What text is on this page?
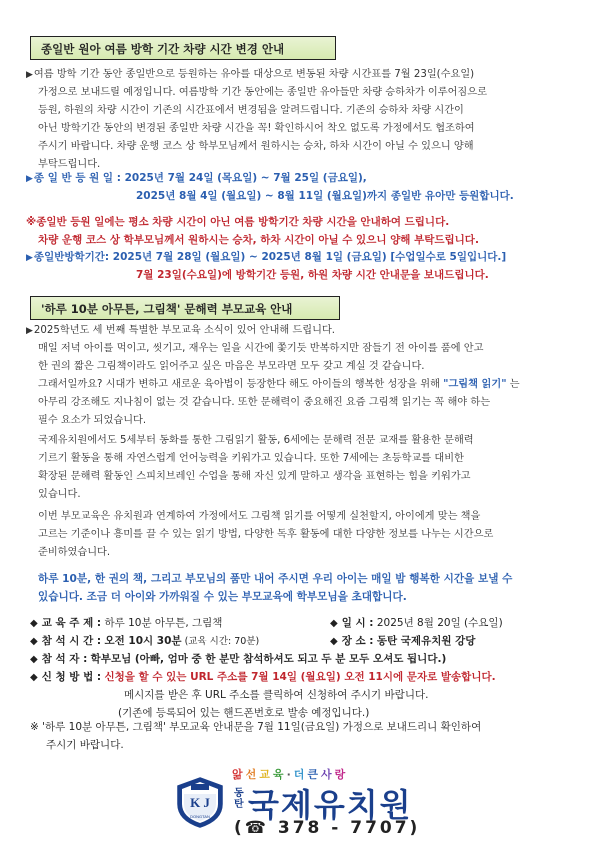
종일반 원아 여름 방학 기간 차량 시간 변경 안내
▶여름 방학 기간 동안 종일반으로 등원하는 유아를 대상으로 변동된 차량 시간표를 7월 23일(수요일)
가정으로 보내드릴 예정입니다. 여름방학 기간 동안에는 종일반 유아들만 차량 승하차가 이루어짐으로
등원, 하원의 차량 시간이 기존의 시간표에서 변경됨을 알려드립니다. 기존의 승하차 차량 시간이
아닌 방학기간 동안의 변경된 종일반 차량 시간을 꼭! 확인하시어 착오 없도록 가정에서도 협조하여
주시기 바랍니다. 차량 운행 코스 상 학부모님께서 원하시는 승차, 하차 시간이 아닐 수 있으니 양해
부탁드립니다.
▶종 일 반 등 원 일 : 2025년 7월 24일 (목요일) ~ 7월 25일 (금요일),
2025년 8월 4일 (월요일) ~ 8월 11일 (월요일)까지 종일반 유아만 등원합니다.
※종일반 등원 일에는 평소 차량 시간이 아닌 여름 방학기간 차량 시간을 안내하여 드립니다.
차량 운행 코스 상 학부모님께서 원하시는 승차, 하차 시간이 아닐 수 있으니 양해 부탁드립니다.
▶종일반방학기간: 2025년 7월 28일 (월요일) ~ 2025년 8월 1일 (금요일) [수업일수로 5일입니다.]
7월 23일(수요일)에 방학기간 등원, 하원 차량 시간 안내문을 보내드립니다.
'하루 10분 아무튼, 그림책' 문해력 부모교육 안내
▶2025학년도 세 번째 특별한 부모교육 소식이 있어 안내해 드립니다.
매일 저녁 아이를 먹이고, 씻기고, 재우는 일을 시간에 쫓기듯 반복하지만 잠들기 전 아이를 품에 안고
한 권의 짧은 그림책이라도 읽어주고 싶은 마음은 부모라면 모두 갖고 계실 것 같습니다.
그래서일까요? 시대가 변하고 새로운 육아법이 등장한다 해도 아이들의 행복한 성장을 위해 "그림책 읽기" 는
아무리 강조해도 지나침이 없는 것 같습니다. 또한 문해력이 중요해진 요즘 그림책 읽기는 꼭 해야 하는
필수 요소가 되었습니다.
국제유치원에서도 5세부터 동화를 통한 그림읽기 활동, 6세에는 문해력 전문 교재를 활용한 문해력
기르기 활동을 통해 자연스럽게 언어능력을 키워가고 있습니다. 또한 7세에는 초등학교를 대비한
확장된 문해력 활동인 스피치브레인 수업을 통해 자신 있게 말하고 생각을 표현하는 힘을 키워가고
있습니다.
이번 부모교육은 유치원과 연계하여 가정에서도 그림책 읽기를 어떻게 실천할지, 아이에게 맞는 책을
고르는 기준이나 흥미를 끌 수 있는 읽기 방법, 다양한 독후 활동에 대한 다양한 정보를 나누는 시간으로
준비하였습니다.
하루 10분, 한 권의 책, 그리고 부모님의 품만 내어 주시면 우리 아이는 매일 밤 행복한 시간을 보낼 수
있습니다. 조금 더 아이와 가까워질 수 있는 부모교육에 학부모님을 초대합니다.
◆ 교 육 주 제 : 하루 10분 아무튼, 그림책	◆ 일 시 : 2025년 8월 20일 (수요일)
◆ 참 석 시 간 : 오전 10시 30분 (교육 시간: 70분)	◆ 장 소 : 동탄 국제유치원 강당
◆ 참 석 자 : 학부모님 (아빠, 엄마 중 한 분만 참석하셔도 되고 두 분 모두 오셔도 됩니다.)
◆ 신 청 방 법 : 신청을 할 수 있는 URL 주소를 7월 14일 (월요일) 오전 11시에 문자로 발송합니다.
메시지를 받은 후 URL 주소를 클릭하여 신청하여 주시기 바랍니다.
(기존에 등록되어 있는 핸드폰번호로 발송 예정입니다.)
※ '하루 10분 아무튼, 그림책' 부모교육 안내문을 7월 11일(금요일) 가정으로 보내드리니 확인하여
주시기 바랍니다.
앎선교육·더큰사랑
K J
DONGTAN
동탄 국제유치원
(☎ 378 - 7707)
